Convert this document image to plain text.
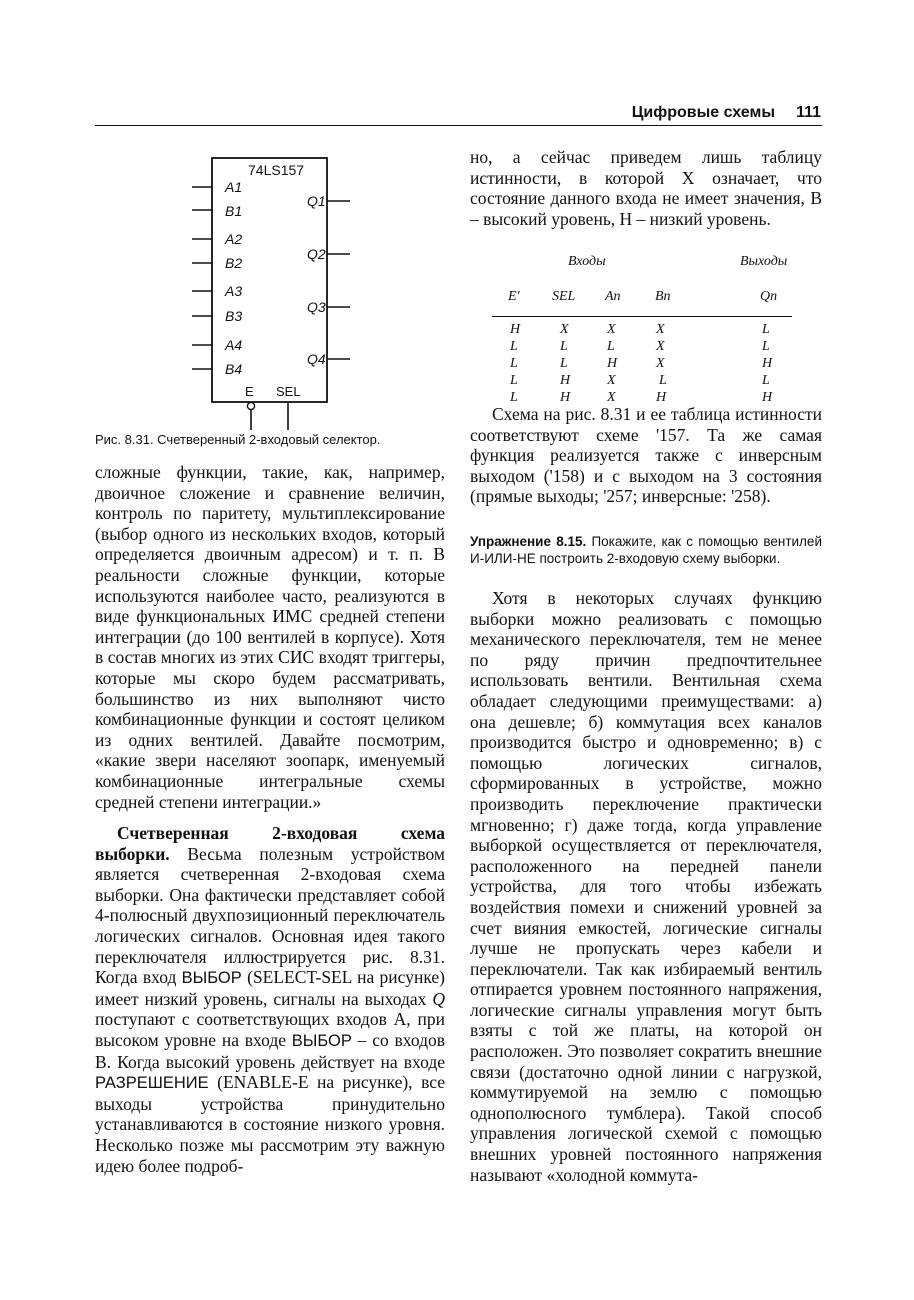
Цифровые схемы 111
74LS157
A1
B1
A2
B2
A3
B3
A4
B4
Q1
Q2
Q3
Q4
E SEL
Рис. 8.31. Счетверенный 2-входовый селектор.

сложные функции, такие, как, например, двоичное сложение и сравнение величин, контроль по паритету, мультиплексирование (выбор одного из нескольких входов, который определяется двоичным адресом) и т. п. В реальности сложные функции, которые используются наиболее часто, реализуются в виде функциональных ИМС средней степени интеграции (до 100 вентилей в корпусе). Хотя в состав многих из этих СИС входят триггеры, которые мы скоро будем рассматривать, большинство из них выполняют чисто комбинационные функции и состоят целиком из одних вентилей. Давайте посмотрим, «какие звери населяют зоопарк, именуемый комбинационные интегральные схемы средней степени интеграции.»

Счетверенная 2-входовая схема выборки. Весьма полезным устройством является счетверенная 2-входовая схема выборки. Она фактически представляет собой 4-полюсный двухпозиционный переключатель логических сигналов. Основная идея такого переключателя иллюстрируется рис. 8.31. Когда вход ВЫБОР (SELECT-SEL на рисунке) имеет низкий уровень, сигналы на выходах Q поступают с соответствующих входов А, при высоком уровне на входе ВЫБОР – со входов В. Когда высокий уровень действует на входе РАЗРЕШЕНИЕ (ENABLE-E на рисунке), все выходы устройства принудительно устанавливаются в состояние низкого уровня. Несколько позже мы рассмотрим эту важную идею более подроб-

но, а сейчас приведем лишь таблицу истинности, в которой X означает, что состояние данного входа не имеет значения, B – высокий уровень, Н – низкий уровень.

Входы	Выходы
E' SEL An Bn	Qn
H	X	X	X	L
L	L	L	X	L
L	L	H	X	H
L	H	X	L	L
L	H	X	H	H

Схема на рис. 8.31 и ее таблица истинности соответствуют схеме '157. Та же самая функция реализуется также с инверсным выходом ('158) и с выходом на 3 состояния (прямые выходы; '257; инверсные: '258).

Упражнение 8.15. Покажите, как с помощью вентилей И-ИЛИ-НЕ построить 2-входовую схему выборки.

Хотя в некоторых случаях функцию выборки можно реализовать с помощью механического переключателя, тем не менее по ряду причин предпочтительнее использовать вентили. Вентильная схема обладает следующими преимуществами: а) она дешевле; б) коммутация всех каналов производится быстро и одновременно; в) с помощью логических сигналов, сформированных в устройстве, можно производить переключение практически мгновенно; г) даже тогда, когда управление выборкой осуществляется от переключателя, расположенного на передней панели устройства, для того чтобы избежать воздействия помехи и снижений уровней за счет вияния емкостей, логические сигналы лучше не пропускать через кабели и переключатели. Так как избираемый вентиль отпирается уровнем постоянного напряжения, логические сигналы управления могут быть взяты с той же платы, на которой он расположен. Это позволяет сократить внешние связи (достаточно одной линии с нагрузкой, коммутируемой на землю с помощью однополюсного тумблера). Такой способ управления логической схемой с помощью внешних уровней постоянного напряжения называют «холодной коммута-
